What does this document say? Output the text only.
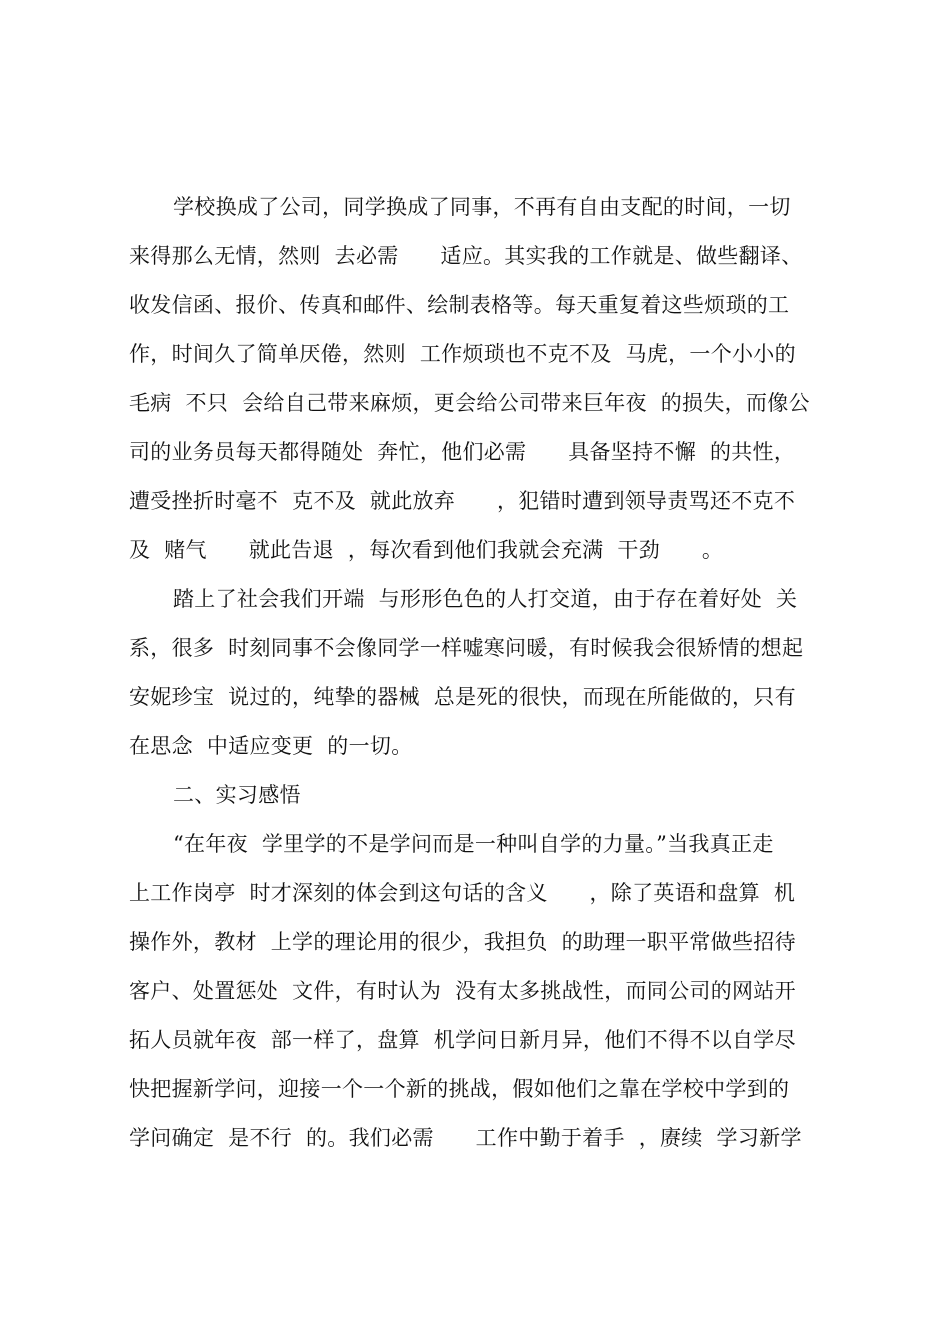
学校换成了公司，同学换成了同事，不再有自由支配的时间，一切
来得那么无情，然则  去必需      适应。其实我的工作就是、做些翻译、
收发信函、报价、传真和邮件、绘制表格等。每天重复着这些烦琐的工
作，时间久了简单厌倦，然则  工作烦琐也不克不及  马虎，一个小小的
毛病  不只  会给自己带来麻烦，更会给公司带来巨年夜  的损失，而像公
司的业务员每天都得随处  奔忙，他们必需      具备坚持不懈  的共性，
遭受挫折时毫不  克不及  就此放弃      ，犯错时遭到领导责骂还不克不
及  赌气      就此告退  ，每次看到他们我就会充满  干劲      。
踏上了社会我们开端  与形形色色的人打交道，由于存在着好处  关
系，很多  时刻同事不会像同学一样嘘寒问暖，有时候我会很矫情的想起
安妮珍宝  说过的，纯挚的器械  总是死的很快，而现在所能做的，只有
在思念  中适应变更  的一切。
二、实习感悟
“在年夜  学里学的不是学问而是一种叫自学的力量。”当我真正走
上工作岗亭  时才深刻的体会到这句话的含义      ，除了英语和盘算  机
操作外，教材  上学的理论用的很少，我担负  的助理一职平常做些招待
客户、处置惩处  文件，有时认为  没有太多挑战性，而同公司的网站开
拓人员就年夜  部一样了，盘算  机学问日新月异，他们不得不以自学尽
快把握新学问，迎接一个一个新的挑战，假如他们之靠在学校中学到的
学问确定  是不行  的。我们必需      工作中勤于着手  ，赓续  学习新学
